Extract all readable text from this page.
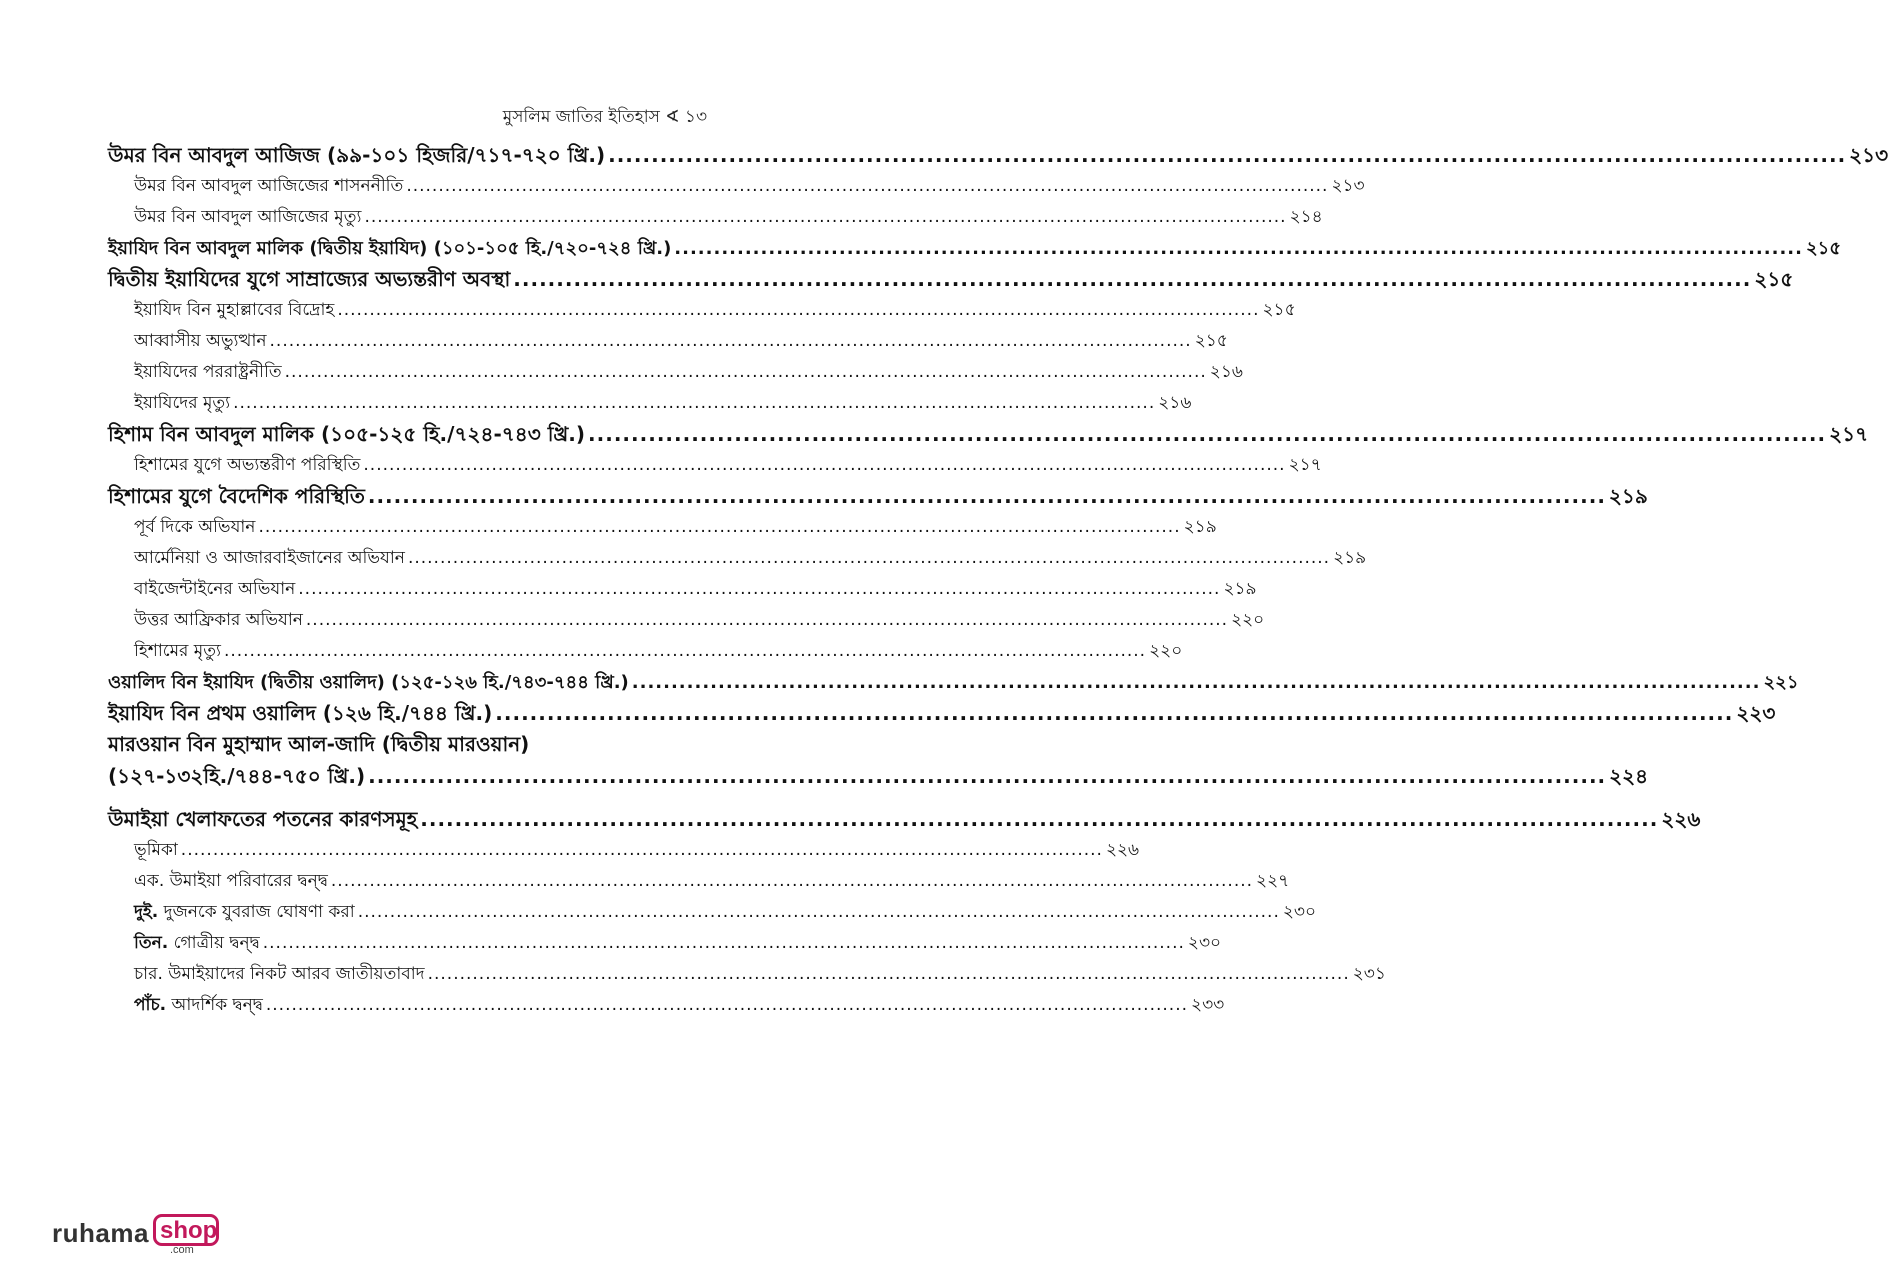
মুসলিম জাতির ইতিহাস ∢ ১৩
উমর বিন আবদুল আজিজ (৯৯-১০১ হিজরি/৭১৭-৭২০ খ্রি.) .....	২১৩
উমর বিন আবদুল আজিজের শাসননীতি .....	২১৩
উমর বিন আবদুল আজিজের মৃত্যু .....	২১৪
ইয়াযিদ বিন আবদুল মালিক (দ্বিতীয় ইয়াযিদ) (১০১-১০৫ হি./৭২০-৭২৪ খ্রি.) .....	২১৫
দ্বিতীয় ইয়াযিদের যুগে সাম্রাজ্যের অভ্যন্তরীণ অবস্থা .....	২১৫
ইয়াযিদ বিন মুহাল্লাবের বিদ্রোহ .....	২১৫
আব্বাসীয় অভ্যুত্থান .....	২১৫
ইয়াযিদের পররাষ্ট্রনীতি .....	২১৬
ইয়াযিদের মৃত্যু .....	২১৬
হিশাম বিন আবদুল মালিক (১০৫-১২৫ হি./৭২৪-৭৪৩ খ্রি.) .....	২১৭
হিশামের যুগে অভ্যন্তরীণ পরিস্থিতি .....	২১৭
হিশামের যুগে বৈদেশিক পরিস্থিতি .....	২১৯
পূর্ব দিকে অভিযান .....	২১৯
আর্মেনিয়া ও আজারবাইজানের অভিযান .....	২১৯
বাইজেন্টাইনের অভিযান .....	২১৯
উত্তর আফ্রিকার অভিযান .....	২২০
হিশামের মৃত্যু .....	২২০
ওয়ালিদ বিন ইয়াযিদ (দ্বিতীয় ওয়ালিদ) (১২৫-১২৬ হি./৭৪৩-৭৪৪ খ্রি.) .....	২২১
ইয়াযিদ বিন প্রথম ওয়ালিদ (১২৬ হি./৭৪৪ খ্রি.) .....	২২৩
মারওয়ান বিন মুহাম্মাদ আল-জাদি (দ্বিতীয় মারওয়ান)
(১২৭-১৩২হি./৭৪৪-৭৫০ খ্রি.) .....	২২৪
উমাইয়া খেলাফতের পতনের কারণসমূহ .....	২২৬
ভূমিকা .....	২২৬
এক. উমাইয়া পরিবারের দ্বন্দ্ব .....	২২৭
দুই. দুজনকে যুবরাজ ঘোষণা করা .....	২৩০
তিন. গোত্রীয় দ্বন্দ্ব .....	২৩০
চার. উমাইয়াদের নিকট আরব জাতীয়তাবাদ .....	২৩১
পাঁচ. আদর্শিক দ্বন্দ্ব .....	২৩৩
ruhama shop
.com
